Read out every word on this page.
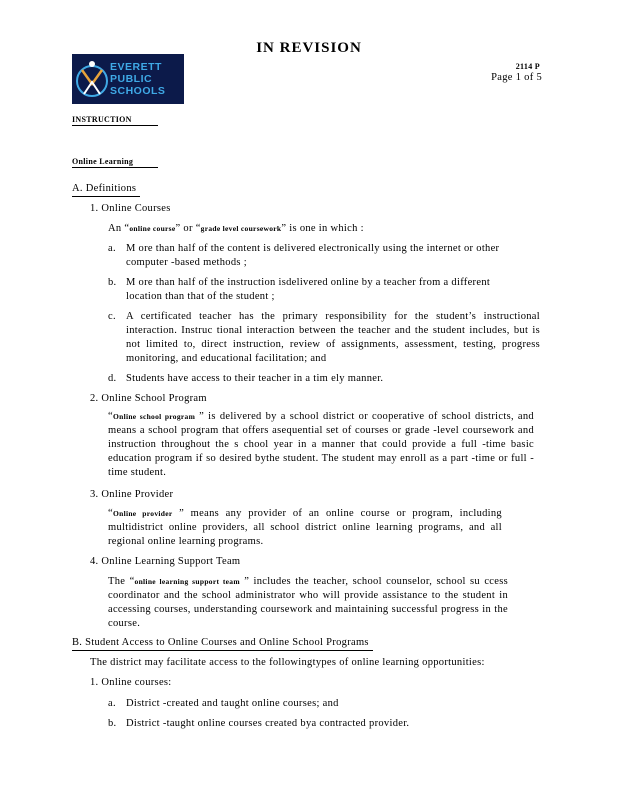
IN REVISION
2114 P
Page 1 of 5
EVERETT
PUBLIC
SCHOOLS
INSTRUCTION
Online Learning
A. Definitions
1. Online Courses
An “online course” or “grade level coursework” is one in which :
a. M ore than half of the content is delivered electronically using the internet or other
computer -based methods ;
b. M ore than half of the instruction isdelivered online by a teacher from a different
location than that of the student ;
c. A certificated teacher has the primary responsibility for the student’s instructional interaction. Instruc tional interaction between the teacher and the student includes, but is not limited to, direct instruction, review of assignments, assessment, testing, progress monitoring, and educational facilitation; and
d. Students have access to their teacher in a tim ely manner.
2. Online School Program
“Online school program ” is delivered by a school district or cooperative of school districts, and means a school program that offers asequential set of courses or grade -level coursework and instruction throughout the s chool year in a manner that could provide a full -time basic education program if so desired bythe student. The student may enroll as a part -time or full -time student.
3. Online Provider
“Online provider ” means any provider of an online course or program, including multidistrict online providers, all school district online learning programs, and all regional online learning programs.
4. Online Learning Support Team
The “online learning support team ” includes the teacher, school counselor, school su ccess coordinator and the school administrator who will provide assistance to the student in accessing courses, understanding coursework and maintaining successful progress in the course.
B. Student Access to Online Courses and Online School Programs
The district may facilitate access to the followingtypes of online learning opportunities:
1. Online courses:
a. District -created and taught online courses; and
b. District -taught online courses created bya contracted provider.
